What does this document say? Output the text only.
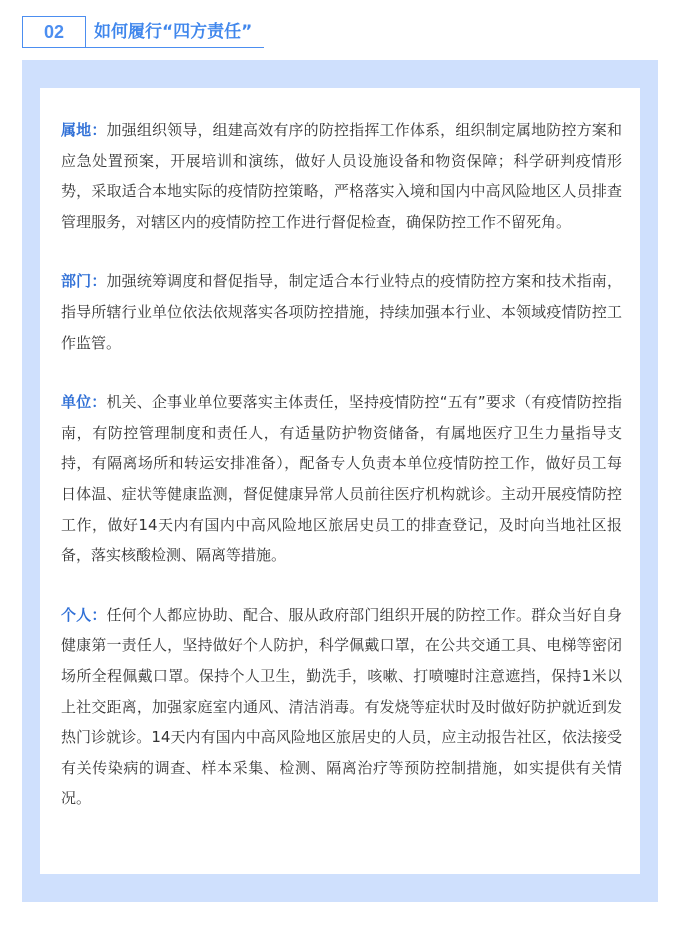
02	如何履行“四方责任”

属地：加强组织领导，组建高效有序的防控指挥工作体系，组织制定属地防控方案和应急处置预案，开展培训和演练，做好人员设施设备和物资保障；科学研判疫情形势，采取适合本地实际的疫情防控策略，严格落实入境和国内中高风险地区人员排查管理服务，对辖区内的疫情防控工作进行督促检查，确保防控工作不留死角。

部门：加强统筹调度和督促指导，制定适合本行业特点的疫情防控方案和技术指南，指导所辖行业单位依法依规落实各项防控措施，持续加强本行业、本领域疫情防控工作监管。

单位：机关、企事业单位要落实主体责任，坚持疫情防控“五有”要求（有疫情防控指南，有防控管理制度和责任人，有适量防护物资储备，有属地医疗卫生力量指导支持，有隔离场所和转运安排准备），配备专人负责本单位疫情防控工作，做好员工每日体温、症状等健康监测，督促健康异常人员前往医疗机构就诊。主动开展疫情防控工作，做好14天内有国内中高风险地区旅居史员工的排查登记，及时向当地社区报备，落实核酸检测、隔离等措施。

个人：任何个人都应协助、配合、服从政府部门组织开展的防控工作。群众当好自身健康第一责任人，坚持做好个人防护，科学佩戴口罩，在公共交通工具、电梯等密闭场所全程佩戴口罩。保持个人卫生，勤洗手，咳嗽、打喷嚏时注意遮挡，保持1米以上社交距离，加强家庭室内通风、清洁消毒。有发烧等症状时及时做好防护就近到发热门诊就诊。14天内有国内中高风险地区旅居史的人员，应主动报告社区，依法接受有关传染病的调查、样本采集、检测、隔离治疗等预防控制措施，如实提供有关情况。
